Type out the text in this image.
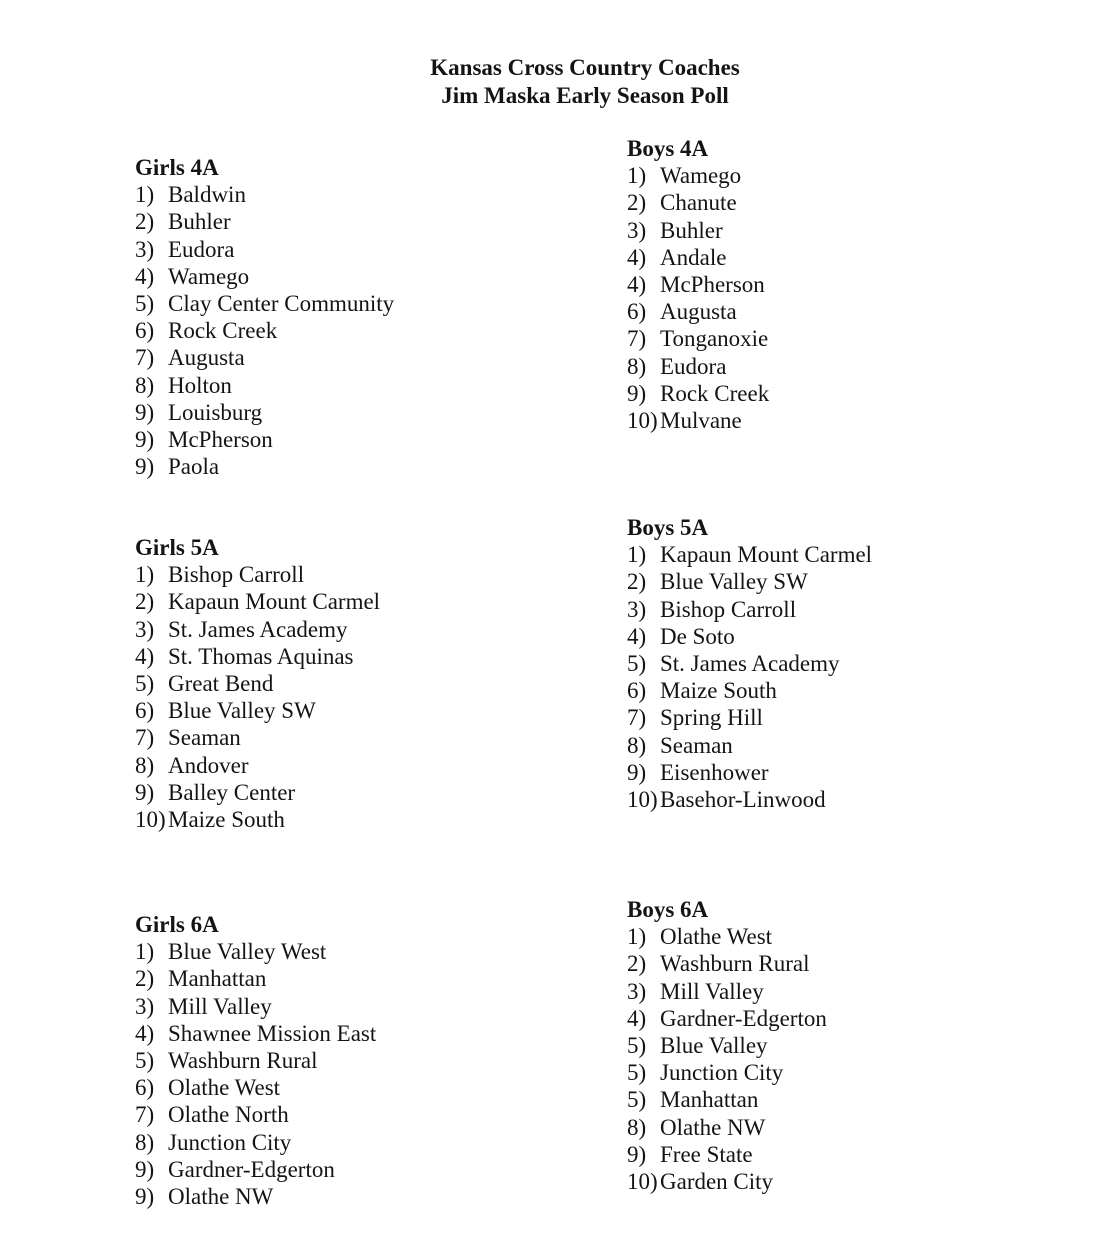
Kansas Cross Country Coaches
Jim Maska Early Season Poll
Girls 4A
1) Baldwin
2) Buhler
3) Eudora
4) Wamego
5) Clay Center Community
6) Rock Creek
7) Augusta
8) Holton
9) Louisburg
9) McPherson
9) Paola
Boys 4A
1) Wamego
2) Chanute
3) Buhler
4) Andale
4) McPherson
6) Augusta
7) Tonganoxie
8) Eudora
9) Rock Creek
10) Mulvane
Girls 5A
1) Bishop Carroll
2) Kapaun Mount Carmel
3) St. James Academy
4) St. Thomas Aquinas
5) Great Bend
6) Blue Valley SW
7) Seaman
8) Andover
9) Balley Center
10) Maize South
Boys 5A
1) Kapaun Mount Carmel
2) Blue Valley SW
3) Bishop Carroll
4) De Soto
5) St. James Academy
6) Maize South
7) Spring Hill
8) Seaman
9) Eisenhower
10) Basehor-Linwood
Girls 6A
1) Blue Valley West
2) Manhattan
3) Mill Valley
4) Shawnee Mission East
5) Washburn Rural
6) Olathe West
7) Olathe North
8) Junction City
9) Gardner-Edgerton
9) Olathe NW
Boys 6A
1) Olathe West
2) Washburn Rural
3) Mill Valley
4) Gardner-Edgerton
5) Blue Valley
5) Junction City
5) Manhattan
8) Olathe NW
9) Free State
10) Garden City
